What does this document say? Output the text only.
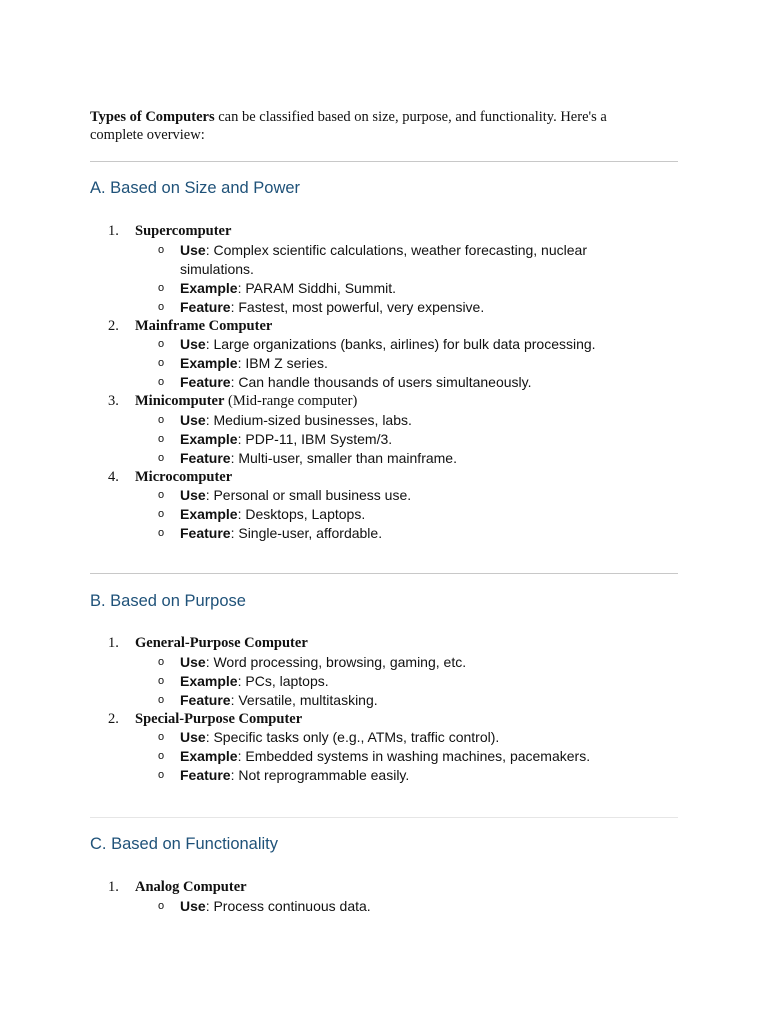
Types of Computers can be classified based on size, purpose, and functionality. Here's a complete overview:

A. Based on Size and Power
1.	Supercomputer
o Use: Complex scientific calculations, weather forecasting, nuclear simulations.
o Example: PARAM Siddhi, Summit.
o Feature: Fastest, most powerful, very expensive.
2.	Mainframe Computer
o Use: Large organizations (banks, airlines) for bulk data processing.
o Example: IBM Z series.
o Feature: Can handle thousands of users simultaneously.
3.	Minicomputer (Mid-range computer)
o Use: Medium-sized businesses, labs.
o Example: PDP-11, IBM System/3.
o Feature: Multi-user, smaller than mainframe.
4.	Microcomputer
o Use: Personal or small business use.
o Example: Desktops, Laptops.
o Feature: Single-user, affordable.
B. Based on Purpose
1.	General-Purpose Computer
o Use: Word processing, browsing, gaming, etc.
o Example: PCs, laptops.
o Feature: Versatile, multitasking.
2.	Special-Purpose Computer
o Use: Specific tasks only (e.g., ATMs, traffic control).
o Example: Embedded systems in washing machines, pacemakers.
o Feature: Not reprogrammable easily.
C. Based on Functionality
1.	Analog Computer
o Use: Process continuous data.
